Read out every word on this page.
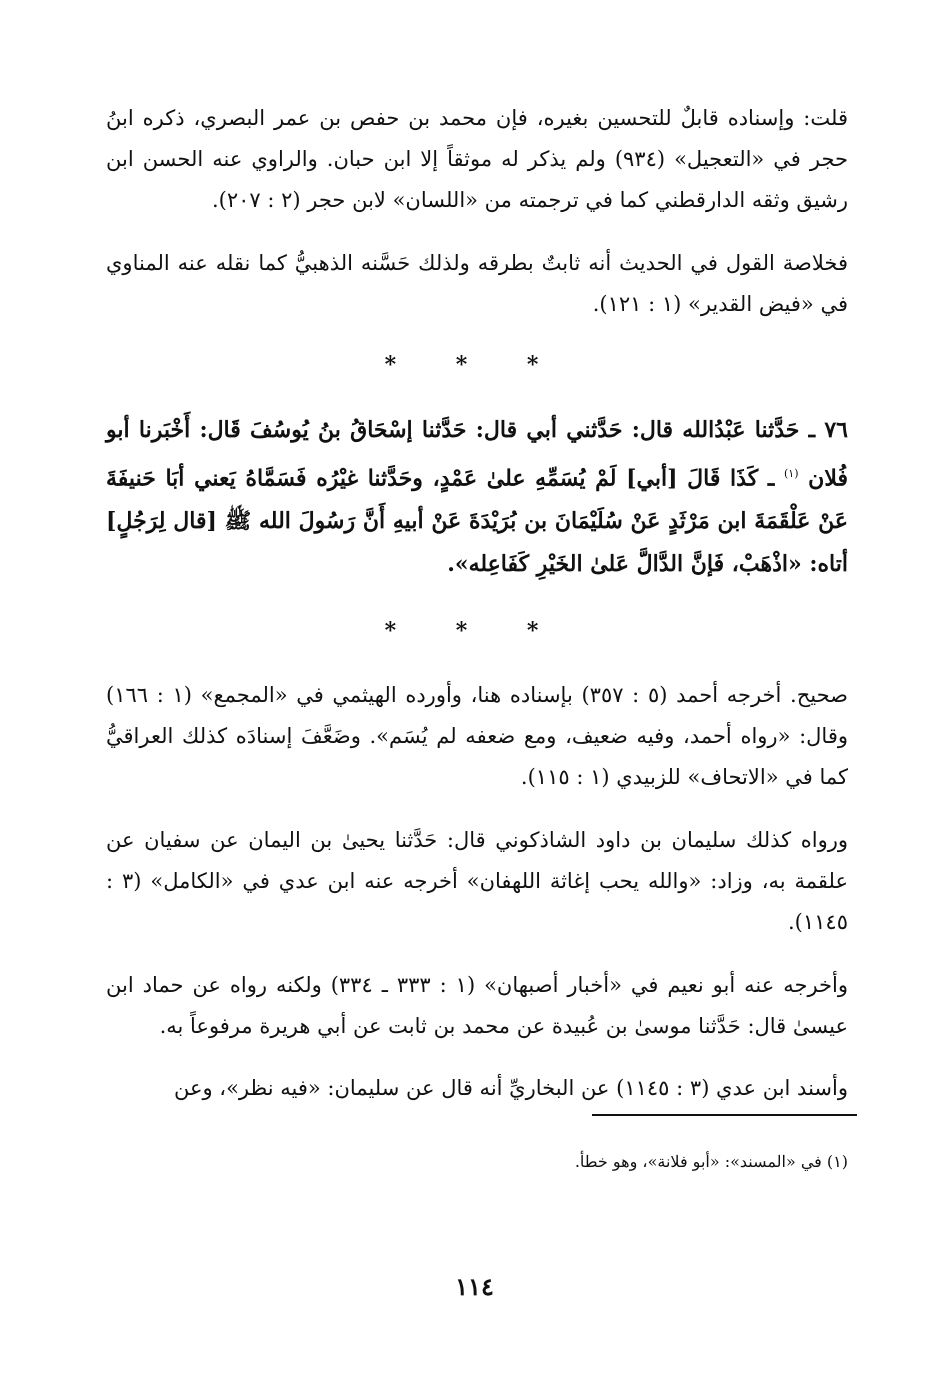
قلت: وإسناده قابلٌ للتحسين بغيره، فإن محمد بن حفص بن عمر البصري، ذكره ابنُ حجر في «التعجيل» (٩٣٤) ولم يذكر له موثقاً إلا ابن حبان. والراوي عنه الحسن ابن رشيق وثقه الدارقطني كما في ترجمته من «اللسان» لابن حجر (٢ : ٢٠٧).

فخلاصة القول في الحديث أنه ثابتٌ بطرقه ولذلك حَسَّنه الذهبيُّ كما نقله عنه المناوي في «فيض القدير» (١ : ١٢١).

* * *

٧٦ ـ حَدَّثنا عَبْدُالله قال: حَدَّثني أبي قال: حَدَّثنا إسْحَاقُ بنُ يُوسُفَ قَال: أَخْبَرنا أبو فُلان $^{(١)}$ ـ كَذَا قَالَ [أبي] لَمْ يُسَمِّهِ علىٰ عَمْدٍ، وحَدَّثنا غيْرُه فَسَمَّاهُ يَعني أبَا حَنيفَةَ عَنْ عَلْقَمَةَ ابن مَرْثَدٍ عَنْ سُلَيْمَانَ بن بُرَيْدَةَ عَنْ أبيهِ أَنَّ رَسُولَ الله ﷺ [قال لِرَجُلٍ] أتاه: «اذْهَبْ، فَإنَّ الدَّالَّ عَلىٰ الخَيْرِ كَفَاعِله».

* * *

صحيح. أخرجه أحمد (٥ : ٣٥٧) بإسناده هنا، وأورده الهيثمي في «المجمع» (١ : ١٦٦) وقال: «رواه أحمد، وفيه ضعيف، ومع ضعفه لم يُسَم». وضَعَّفَ إسنادَه كذلك العراقيُّ كما في «الاتحاف» للزبيدي (١ : ١١٥).

ورواه كذلك سليمان بن داود الشاذكوني قال: حَدَّثنا يحيىٰ بن اليمان عن سفيان عن علقمة به، وزاد: «والله يحب إغاثة اللهفان» أخرجه عنه ابن عدي في «الكامل» (٣ : ١١٤٥).

وأخرجه عنه أبو نعيم في «أخبار أصبهان» (١ : ٣٣٣ ـ ٣٣٤) ولكنه رواه عن حماد ابن عيسىٰ قال: حَدَّثنا موسىٰ بن عُبيدة عن محمد بن ثابت عن أبي هريرة مرفوعاً به.

وأسند ابن عدي (٣ : ١١٤٥) عن البخاريِّ أنه قال عن سليمان: «فيه نظر»، وعن

(١) في «المسند»: «أبو فلانة»، وهو خطأ.

١١٤
